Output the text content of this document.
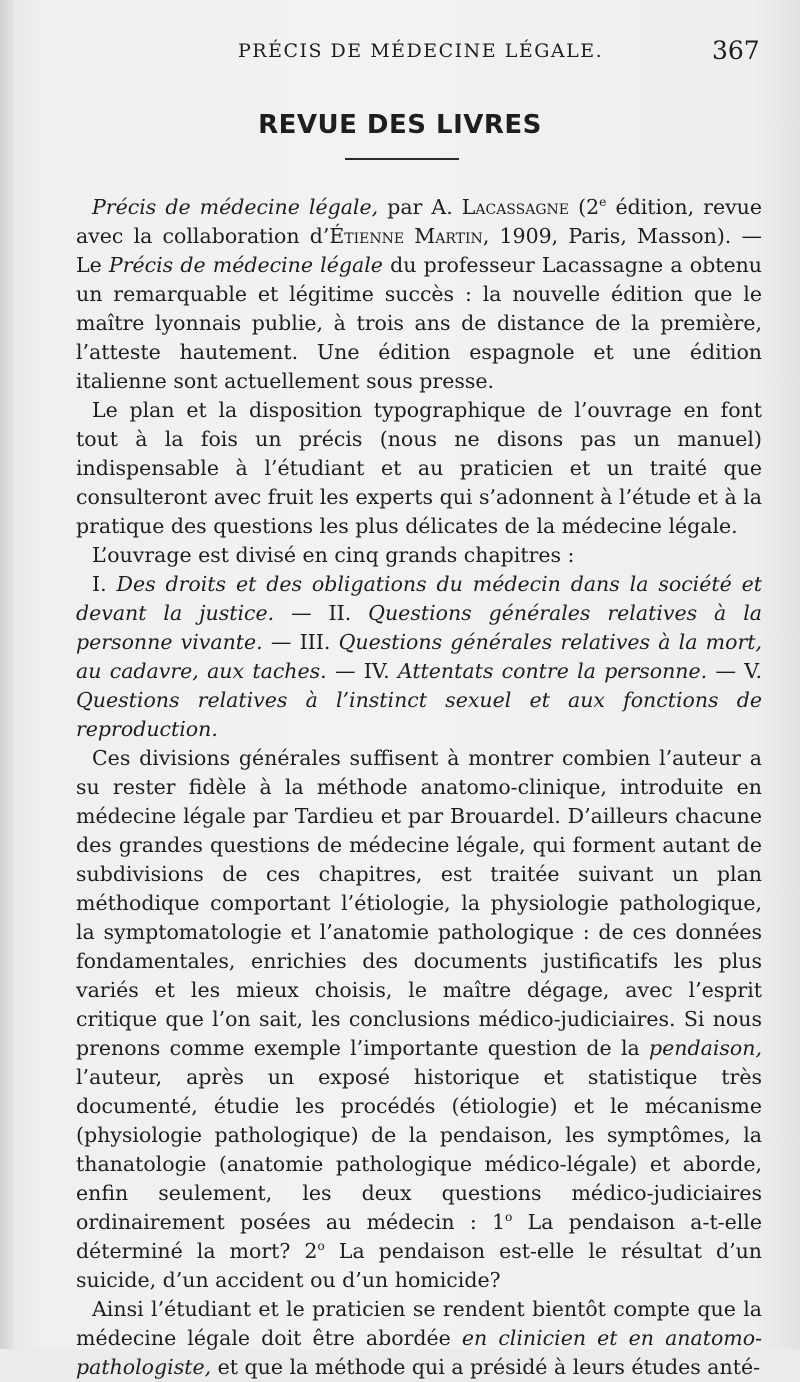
PRÉCIS DE MÉDECINE LÉGALE.	367
REVUE DES LIVRES

Précis de médecine légale, par A. Lacassagne (2e édition, revue avec la collaboration d’Étienne Martin, 1909, Paris, Masson). — Le Précis de médecine légale du professeur Lacassagne a obtenu un remarquable et légitime succès : la nouvelle édition que le maître lyonnais publie, à trois ans de distance de la première, l’atteste hautement. Une édition espagnole et une édition italienne sont actuellement sous presse.

Le plan et la disposition typographique de l’ouvrage en font tout à la fois un précis (nous ne disons pas un manuel) indispensable à l’étudiant et au praticien et un traité que consulteront avec fruit les experts qui s’adonnent à l’étude et à la pratique des questions les plus délicates de la médecine légale.

L’ouvrage est divisé en cinq grands chapitres :

I. Des droits et des obligations du médecin dans la société et devant la justice. — II. Questions générales relatives à la personne vivante. — III. Questions générales relatives à la mort, au cadavre, aux taches. — IV. Attentats contre la personne. — V. Questions relatives à l’instinct sexuel et aux fonctions de reproduction.

Ces divisions générales suffisent à montrer combien l’auteur a su rester fidèle à la méthode anatomo-clinique, introduite en médecine légale par Tardieu et par Brouardel. D’ailleurs chacune des grandes questions de médecine légale, qui forment autant de subdivisions de ces chapitres, est traitée suivant un plan méthodique comportant l’étiologie, la physiologie pathologique, la symptomatologie et l’anatomie pathologique : de ces données fondamentales, enrichies des documents justificatifs les plus variés et les mieux choisis, le maître dégage, avec l’esprit critique que l’on sait, les conclusions médico-judiciaires. Si nous prenons comme exemple l’importante question de la pendaison, l’auteur, après un exposé historique et statistique très documenté, étudie les procédés (étiologie) et le mécanisme (physiologie pathologique) de la pendaison, les symptômes, la thanatologie (anatomie pathologique médico-légale) et aborde, enfin seulement, les deux questions médico-judiciaires ordinairement posées au médecin : 1$^o$ La pendaison a-t-elle déterminé la mort? 2$^o$ La pendaison est-elle le résultat d’un suicide, d’un accident ou d’un homicide?

Ainsi l’étudiant et le praticien se rendent bientôt compte que la médecine légale doit être abordée en clinicien et en anatomo-pathologiste, et que la méthode qui a présidé à leurs études anté-
